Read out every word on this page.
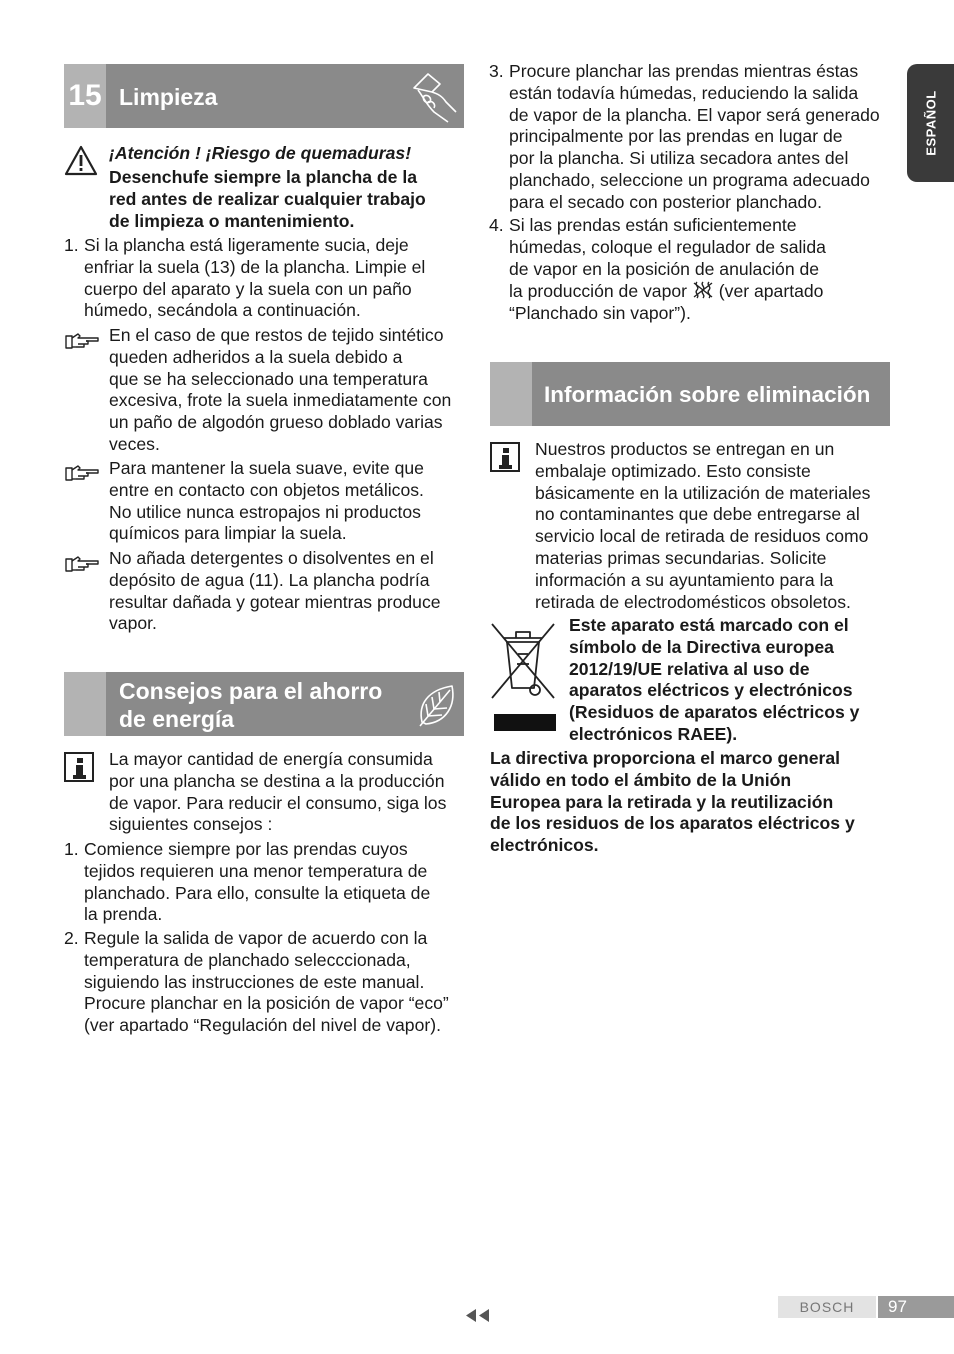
ESPAÑOL
15 Limpieza
¡Atención ! ¡Riesgo de quemaduras!
Desenchufe siempre la plancha de la
red antes de realizar cualquier trabajo
de limpieza o mantenimiento.
1. Si la plancha está ligeramente sucia, deje
enfriar la suela (13) de la plancha. Limpie el
cuerpo del aparato y la suela con un paño
húmedo, secándola a continuación.
En el caso de que restos de tejido sintético
queden adheridos a la suela debido a
que se ha seleccionado una temperatura
excesiva, frote la suela inmediatamente con
un paño de algodón grueso doblado varias
veces.
Para mantener la suela suave, evite que
entre en contacto con objetos metálicos.
No utilice nunca estropajos ni productos
químicos para limpiar la suela.
No añada detergentes o disolventes en el
depósito de agua (11). La plancha podría
resultar dañada y gotear mientras produce
vapor.
Consejos para el ahorro
de energía
La mayor cantidad de energía consumida
por una plancha se destina a la producción
de vapor. Para reducir el consumo, siga los
siguientes consejos :
1. Comience siempre por las prendas cuyos
tejidos requieren una menor temperatura de
planchado. Para ello, consulte la etiqueta de
la prenda.
2. Regule la salida de vapor de acuerdo con la
temperatura de planchado selecccionada,
siguiendo las instrucciones de este manual.
Procure planchar en la posición de vapor “eco”
(ver apartado “Regulación del nivel de vapor).
3. Procure planchar las prendas mientras éstas
están todavía húmedas, reduciendo la salida
de vapor de la plancha. El vapor será generado
principalmente por las prendas en lugar de
por la plancha. Si utiliza secadora antes del
planchado, seleccione un programa adecuado
para el secado con posterior planchado.
4. Si las prendas están suficientemente
húmedas, coloque el regulador de salida
de vapor en la posición de anulación de
la producción de vapor (ver apartado
“Planchado sin vapor”).
Información sobre eliminación
Nuestros productos se entregan en un
embalaje optimizado. Esto consiste
básicamente en la utilización de materiales
no contaminantes que debe entregarse al
servicio local de retirada de residuos como
materias primas secundarias. Solicite
información a su ayuntamiento para la
retirada de electrodomésticos obsoletos.
Este aparato está marcado con el
símbolo de la Directiva europea
2012/19/UE relativa al uso de
aparatos eléctricos y electrónicos
(Residuos de aparatos eléctricos y
electrónicos RAEE).
La directiva proporciona el marco general
válido en todo el ámbito de la Unión
Europea para la retirada y la reutilización
de los residuos de los aparatos eléctricos y
electrónicos.
BOSCH	97
